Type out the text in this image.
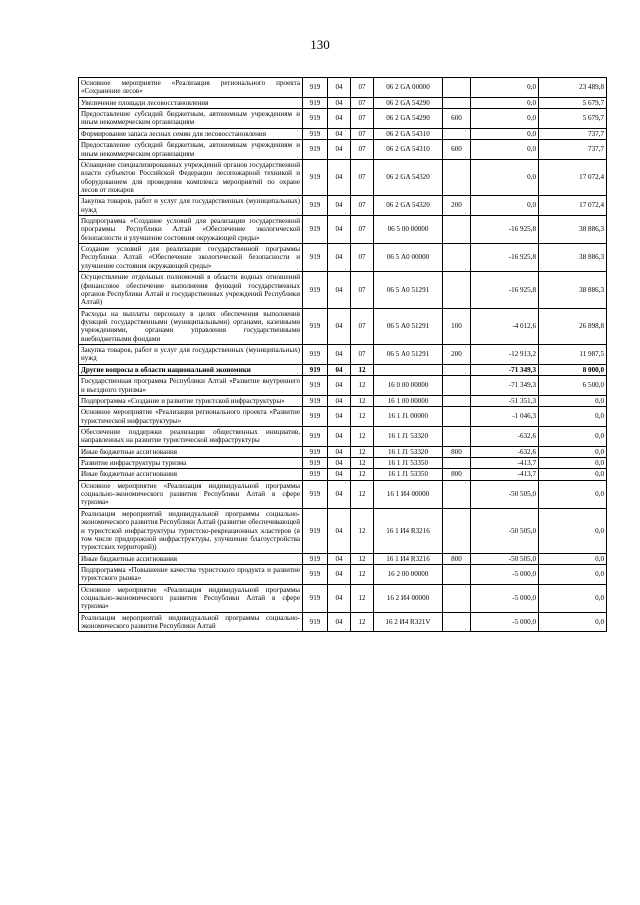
130
Основное мероприятие «Реализация регионального проекта «Сохранение лесов»	919	04	07	06 2 GA 00000		0,0	23 489,8
Увеличение площади лесовосстановления	919	04	07	06 2 GA 54290		0,0	5 679,7
Предоставление субсидий бюджетным, автономным учреждениям и иным некоммерческим организациям	919	04	07	06 2 GA 54290	600	0,0	5 679,7
Формирование запаса лесных семян для лесовосстановления	919	04	07	06 2 GA 54310		0,0	737,7
Предоставление субсидий бюджетным, автономным учреждениям и иным некоммерческим организациям	919	04	07	06 2 GA 54310	600	0,0	737,7
Оснащение специализированных учреждений органов государственной власти субъектов Российской Федерации лесопожарной техникой и оборудованием для проведения комплекса мероприятий по охране лесов от пожаров	919	04	07	06 2 GA 54320		0,0	17 072,4
Закупка товаров, работ и услуг для государственных (муниципальных) нужд	919	04	07	06 2 GA 54320	200	0,0	17 072,4
Подпрограмма «Создание условий для реализации государственной программы Республики Алтай «Обеспечение экологической безопасности и улучшение состояния окружающей среды»	919	04	07	06 5 00 00000		-16 925,8	38 886,3
Создание условий для реализации государственной программы Республики Алтай «Обеспечение экологической безопасности и улучшение состояния окружающей среды»	919	04	07	06 5 А0 00000		-16 925,8	38 886,3
Осуществление отдельных полномочий в области водных отношений (финансовое обеспечение выполнения функций государственных органов Республики Алтай и государственных учреждений Республики Алтай)	919	04	07	06 5 А0 51291		-16 925,8	38 886,3
Расходы на выплаты персоналу в целях обеспечения выполнения функций государственными (муниципальными) органами, казенными учреждениями, органами управления государственными внебюджетными фондами	919	04	07	06 5 А0 51291	100	-4 012,6	26 898,8
Закупка товаров, работ и услуг для государственных (муниципальных) нужд	919	04	07	06 5 А0 51291	200	-12 913,2	11 987,5
Другие вопросы в области национальной экономики	919	04	12			-71 349,3	8 000,0
Государственная программа Республики Алтай «Развитие внутреннего и въездного туризма»	919	04	12	16 0 00 00000		-71 349,3	6 500,0
Подпрограмма «Создание и развитие туристской инфраструктуры»	919	04	12	16 1 00 00000		-51 351,3	0,0
Основное мероприятие «Реализация регионального проекта «Развитие туристической инфраструктуры»	919	04	12	16 1 J1 00000		-1 046,3	0,0
Обеспечение поддержки реализации общественных инициатив, направленных на развитие туристической инфраструктуры	919	04	12	16 1 J1 53320		-632,6	0,0
Иные бюджетные ассигнования	919	04	12	16 1 J1 53320	800	-632,6	0,0
Развитие инфраструктуры туризма	919	04	12	16 1 J1 53350		-413,7	0,0
Иные бюджетные ассигнования	919	04	12	16 1 J1 53350	800	-413,7	0,0
Основное мероприятие «Реализация индивидуальной программы социально-экономического развития Республики Алтай в сфере туризма»	919	04	12	16 1 И4 00000		-50 505,0	0,0
Реализация мероприятий индивидуальной программы социально-экономического развития Республики Алтай (развитие обеспечивающей и туристской инфраструктуры туристско-рекреационных кластеров (в том числе придорожной инфраструктуры, улучшение благоустройства туристских территорий))	919	04	12	16 1 И4 R3216		-50 505,0	0,0
Иные бюджетные ассигнования	919	04	12	16 1 И4 R3216	800	-50 505,0	0,0
Подпрограмма «Повышение качества туристского продукта и развитие туристского рынка»	919	04	12	16 2 00 00000		-5 000,0	0,0
Основное мероприятие «Реализация индивидуальной программы социально-экономического развития Республики Алтай в сфере туризма»	919	04	12	16 2 И4 00000		-5 000,0	0,0
Реализация мероприятий индивидуальной программы социально-экономического развития Республики Алтай	919	04	12	16 2 И4 R321V		-5 000,0	0,0
